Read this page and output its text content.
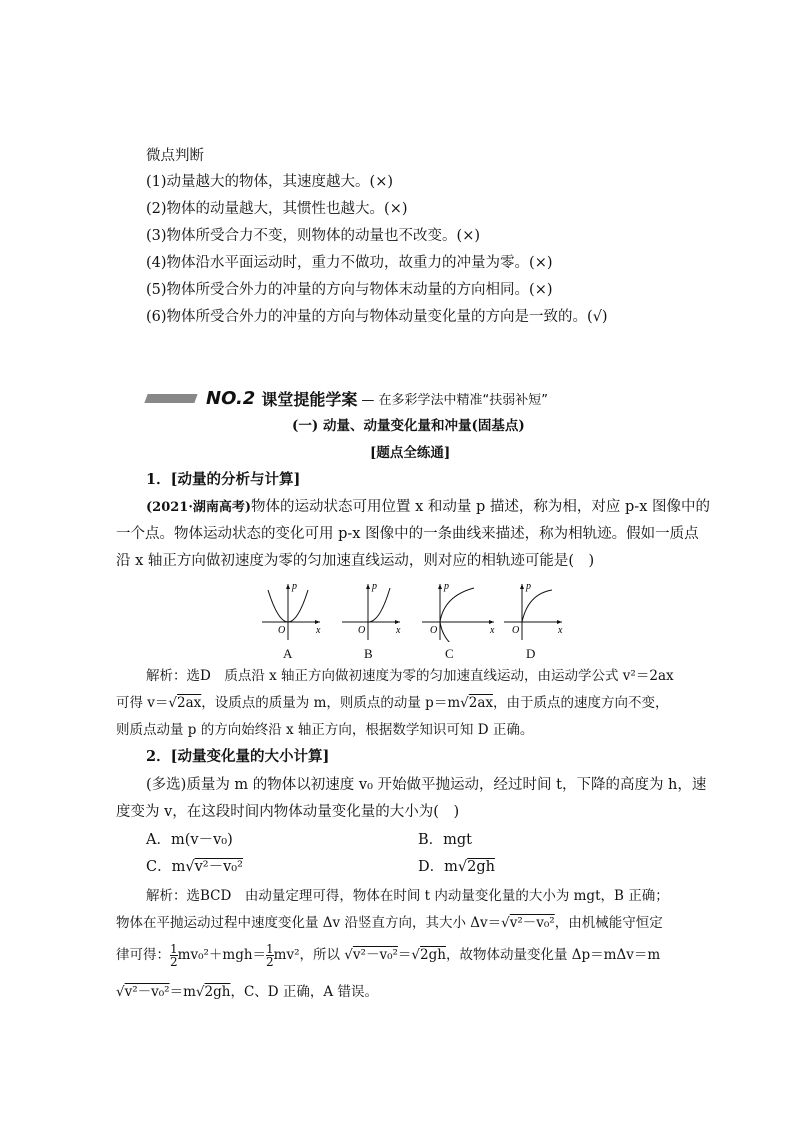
微点判断
(1)动量越大的物体，其速度越大。(×)
(2)物体的动量越大，其惯性也越大。(×)
(3)物体所受合力不变，则物体的动量也不改变。(×)
(4)物体沿水平面运动时，重力不做功，故重力的冲量为零。(×)
(5)物体所受合外力的冲量的方向与物体末动量的方向相同。(×)
(6)物体所受合外力的冲量的方向与物体动量变化量的方向是一致的。(√)
NO.2 课堂提能学案 — 在多彩学法中精准“扶弱补短”
(一) 动量、动量变化量和冲量(固基点)
[题点全练通]
1．[动量的分析与计算]
(2021·湖南高考)物体的运动状态可用位置 x 和动量 p 描述，称为相，对应 p-x 图像中的
一个点。物体运动状态的变化可用 p-x 图像中的一条曲线来描述，称为相轨迹。假如一质点
沿 x 轴正方向做初速度为零的匀加速直线运动，则对应的相轨迹可能是(　)
p
x
O
p
x
O
p
x
O
p
x
O
A	B	C	D
解析：选D　质点沿 x 轴正方向做初速度为零的匀加速直线运动，由运动学公式 v²＝2ax
可得 v＝√2ax，设质点的质量为 m，则质点的动量 p＝m√2ax，由于质点的速度方向不变，
则质点动量 p 的方向始终沿 x 轴正方向，根据数学知识可知 D 正确。
2．[动量变化量的大小计算]
(多选)质量为 m 的物体以初速度 v₀ 开始做平抛运动，经过时间 t，下降的高度为 h，速
度变为 v，在这段时间内物体动量变化量的大小为(　)
A．m(v－v₀)	B．mgt
C．m√v²－v₀²	D．m√2gh
解析：选BCD　由动量定理可得，物体在时间 t 内动量变化量的大小为 mgt，B 正确；
物体在平抛运动过程中速度变化量 Δv 沿竖直方向，其大小 Δv＝√v²－v₀²，由机械能守恒定
律可得： $\frac{1}{2} mv_0^2+mgh= \frac{1}{2} mv^2$，所以 √v²－v₀²＝√2gh，故物体动量变化量 Δp＝mΔv＝m
√v²－v₀²＝m√2gh，C、D 正确，A 错误。
